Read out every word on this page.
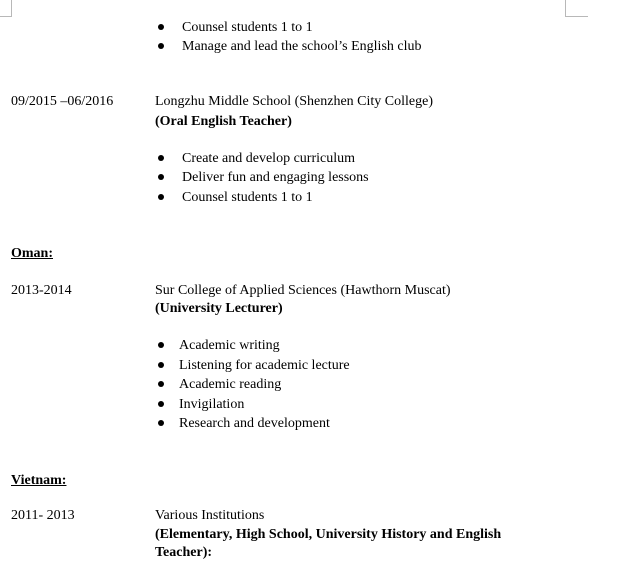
Counsel students 1 to 1
Manage and lead the school’s English club
09/2015 –06/2016	Longzhu Middle School (Shenzhen City College)
(Oral English Teacher)
Create and develop curriculum
Deliver fun and engaging lessons
Counsel students 1 to 1
Oman:
2013-2014	Sur College of Applied Sciences (Hawthorn Muscat)
(University Lecturer)
Academic writing
Listening for academic lecture
Academic reading
Invigilation
Research and development
Vietnam:
2011- 2013	Various Institutions
(Elementary, High School, University History and English
Teacher):
